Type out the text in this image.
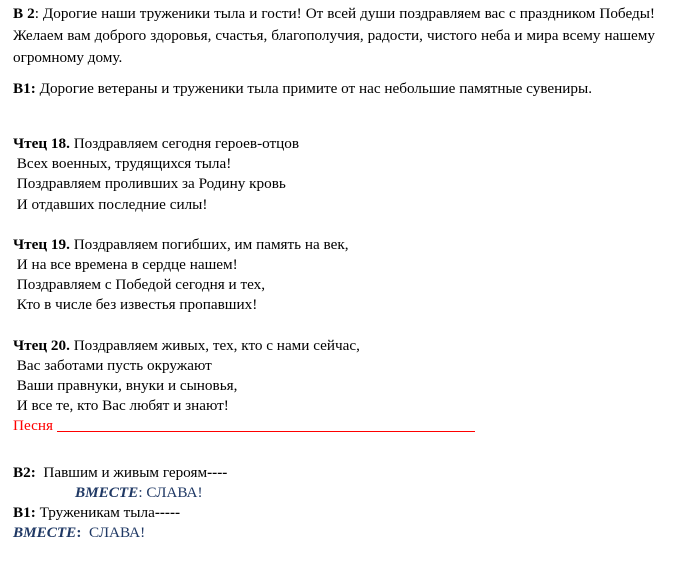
В 2: Дорогие наши труженики тыла и гости! От всей души поздравляем вас с праздником Победы! Желаем вам доброго здоровья, счастья, благополучия, радости, чистого неба и мира всему нашему огромному дому.

В1: Дорогие ветераны и труженики тыла примите от нас небольшие памятные сувениры.

Чтец 18. Поздравляем сегодня героев-отцов
Всех военных, трудящихся тыла!
Поздравляем проливших за Родину кровь
И отдавших последние силы!
Чтец 19. Поздравляем погибших, им память на век,
И на все времена в сердце нашем!
Поздравляем с Победой сегодня и тех,
Кто в числе без известья пропавших!
Чтец 20. Поздравляем живых, тех, кто с нами сейчас,
Вас заботами пусть окружают
Ваши правнуки, внуки и сыновья,
И все те, кто Вас любят и знают!
Песня
В2:  Павшим и живым героям----
ВМЕСТЕ: СЛАВА!
В1: Труженикам тыла-----
ВМЕСТЕ:  СЛАВА!
